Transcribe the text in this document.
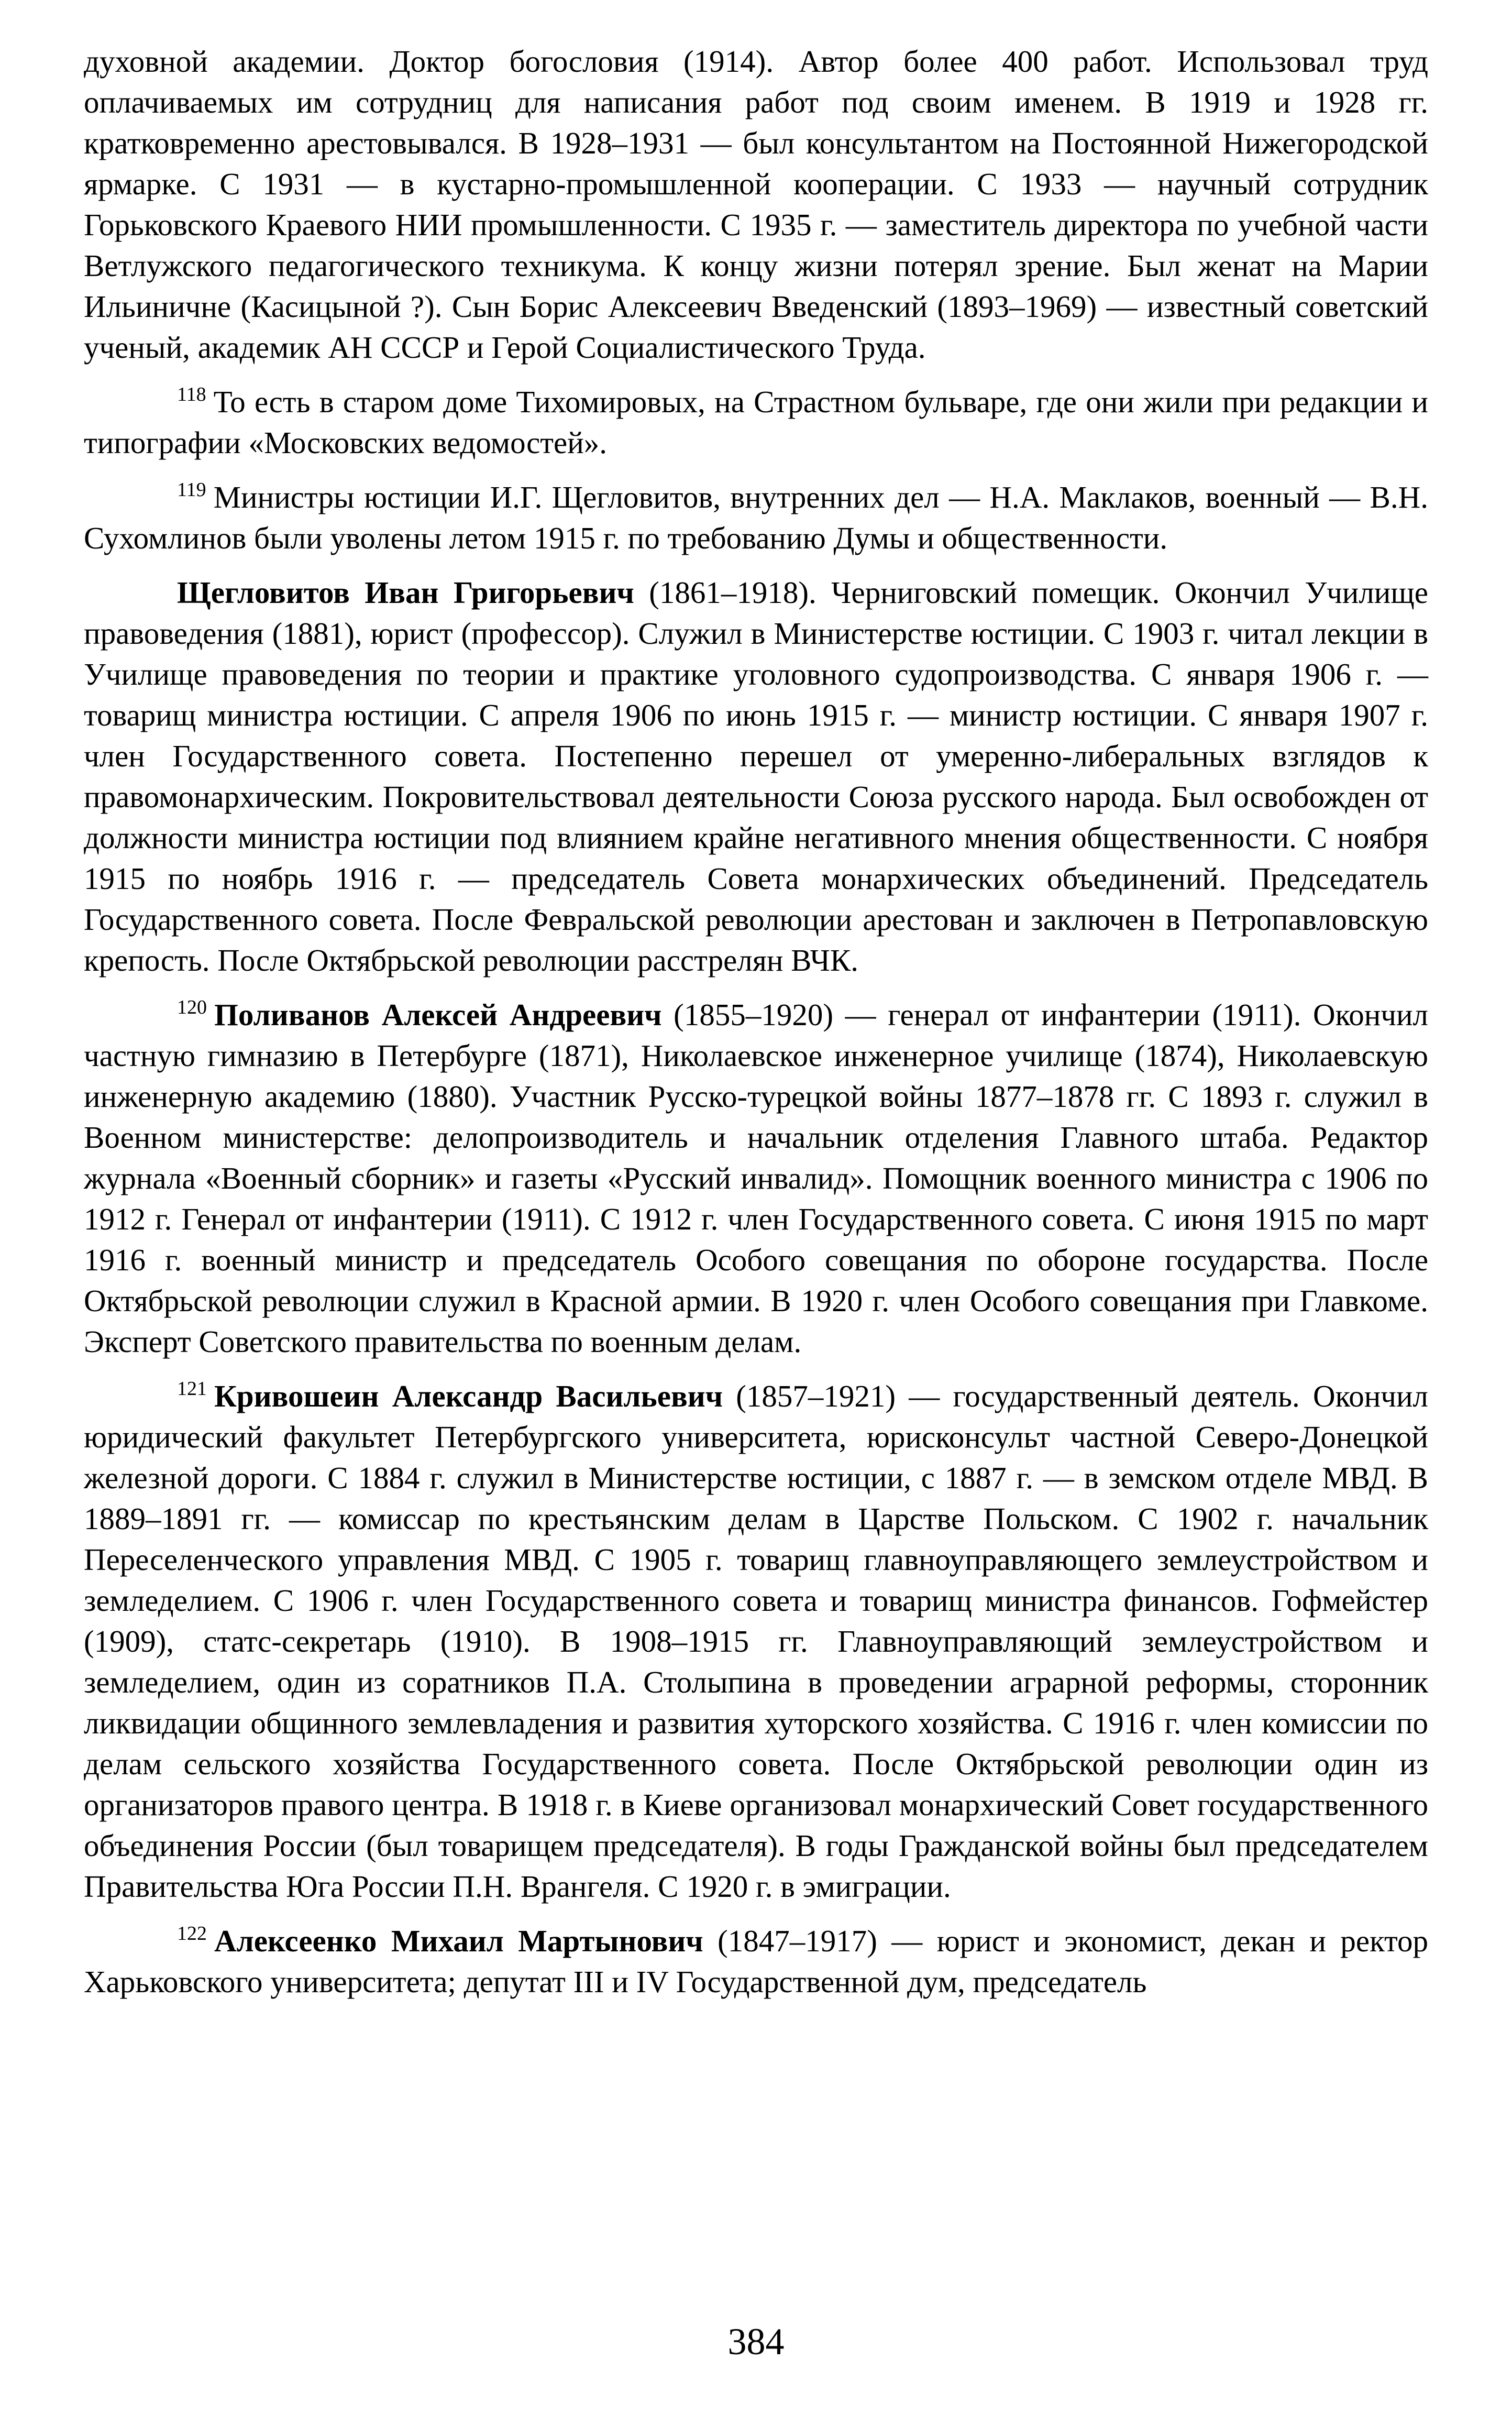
духовной академии. Доктор богословия (1914). Автор более 400 работ. Использовал труд оплачиваемых им сотрудниц для написания работ под своим именем. В 1919 и 1928 гг. кратковременно арестовывался. В 1928–1931 — был консультантом на Постоянной Нижегородской ярмарке. С 1931 — в кустарно-промышленной кооперации. С 1933 — научный сотрудник Горьковского Краевого НИИ промышленности. С 1935 г. — заместитель директора по учебной части Ветлужского педагогического техникума. К концу жизни потерял зрение. Был женат на Марии Ильиничне (Касицыной ?). Сын Борис Алексеевич Введенский (1893–1969) — известный советский ученый, академик АН СССР и Герой Социалистического Труда.

$^{118}$ То есть в старом доме Тихомировых, на Страстном бульваре, где они жили при редакции и типографии «Московских ведомостей».

$^{119}$ Министры юстиции И.Г. Щегловитов, внутренних дел — Н.А. Маклаков, военный — В.Н. Сухомлинов были уволены летом 1915 г. по требованию Думы и общественности.

Щегловитов Иван Григорьевич (1861–1918). Черниговский помещик. Окончил Училище правоведения (1881), юрист (профессор). Служил в Министерстве юстиции. С 1903 г. читал лекции в Училище правоведения по теории и практике уголовного судопроизводства. С января 1906 г. — товарищ министра юстиции. С апреля 1906 по июнь 1915 г. — министр юстиции. С января 1907 г. член Государственного совета. Постепенно перешел от умеренно-либеральных взглядов к правомонархическим. Покровительствовал деятельности Союза русского народа. Был освобожден от должности министра юстиции под влиянием крайне негативного мнения общественности. С ноября 1915 по ноябрь 1916 г. — председатель Совета монархических объединений. Председатель Государственного совета. После Февральской революции арестован и заключен в Петропавловскую крепость. После Октябрьской революции расстрелян ВЧК.

$^{120}$ Поливанов Алексей Андреевич (1855–1920) — генерал от инфантерии (1911). Окончил частную гимназию в Петербурге (1871), Николаевское инженерное училище (1874), Николаевскую инженерную академию (1880). Участник Русско-турецкой войны 1877–1878 гг. С 1893 г. служил в Военном министерстве: делопроизводитель и начальник отделения Главного штаба. Редактор журнала «Военный сборник» и газеты «Русский инвалид». Помощник военного министра с 1906 по 1912 г. Генерал от инфантерии (1911). С 1912 г. член Государственного совета. С июня 1915 по март 1916 г. военный министр и председатель Особого совещания по обороне государства. После Октябрьской революции служил в Красной армии. В 1920 г. член Особого совещания при Главкоме. Эксперт Советского правительства по военным делам.

$^{121}$ Кривошеин Александр Васильевич (1857–1921) — государственный деятель. Окончил юридический факультет Петербургского университета, юрисконсульт частной Северо-Донецкой железной дороги. С 1884 г. служил в Министерстве юстиции, с 1887 г. — в земском отделе МВД. В 1889–1891 гг. — комиссар по крестьянским делам в Царстве Польском. С 1902 г. начальник Переселенческого управления МВД. С 1905 г. товарищ главноуправляющего землеустройством и земледелием. С 1906 г. член Государственного совета и товарищ министра финансов. Гофмейстер (1909), статс-секретарь (1910). В 1908–1915 гг. Главноуправляющий землеустройством и земледелием, один из соратников П.А. Столыпина в проведении аграрной реформы, сторонник ликвидации общинного землевладения и развития хуторского хозяйства. С 1916 г. член комиссии по делам сельского хозяйства Государственного совета. После Октябрьской революции один из организаторов правого центра. В 1918 г. в Киеве организовал монархический Совет государственного объединения России (был товарищем председателя). В годы Гражданской войны был председателем Правительства Юга России П.Н. Врангеля. С 1920 г. в эмиграции.

$^{122}$ Алексеенко Михаил Мартынович (1847–1917) — юрист и экономист, декан и ректор Харьковского университета; депутат III и IV Государственной дум, председатель

384
